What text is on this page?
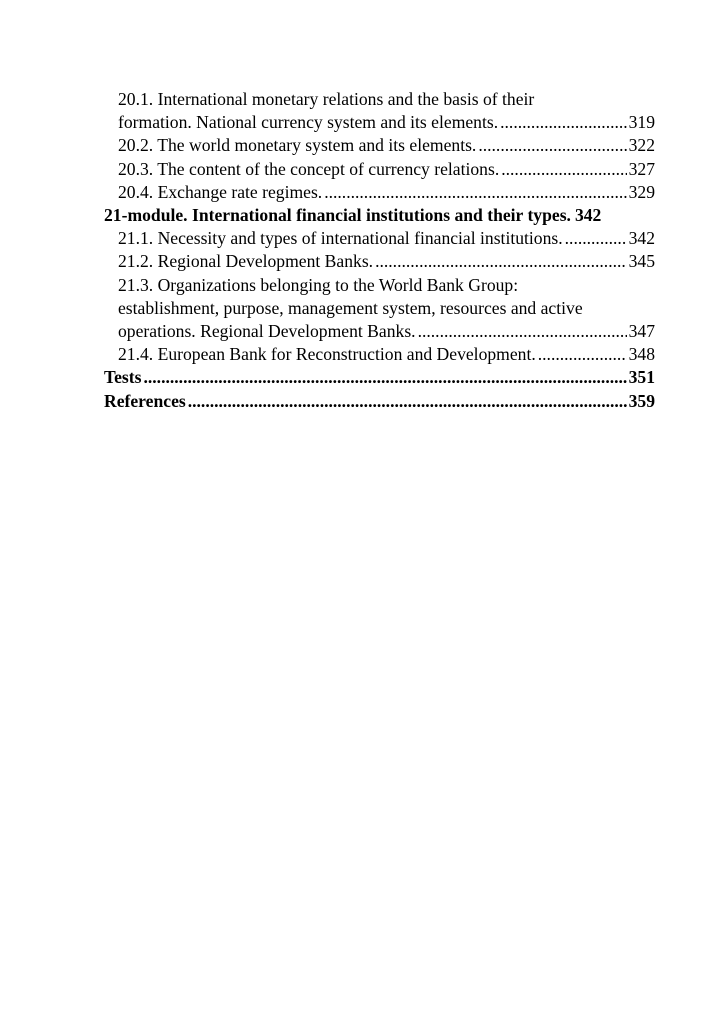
20.1. International monetary relations and the basis of their
formation. National currency system and its elements. .....	319
20.2. The world monetary system and its elements. .....	322
20.3. The content of the concept of currency relations. .....	327
20.4. Exchange rate regimes. .....	329
21-module. International financial institutions and their types. 342
21.1. Necessity and types of international financial institutions. .....	342
21.2. Regional Development Banks. .....	345
21.3. Organizations belonging to the World Bank Group:
establishment, purpose, management system, resources and active
operations. Regional Development Banks. .....	347
21.4. European Bank for Reconstruction and Development. .....	348
Tests .....	351
References .....	359
